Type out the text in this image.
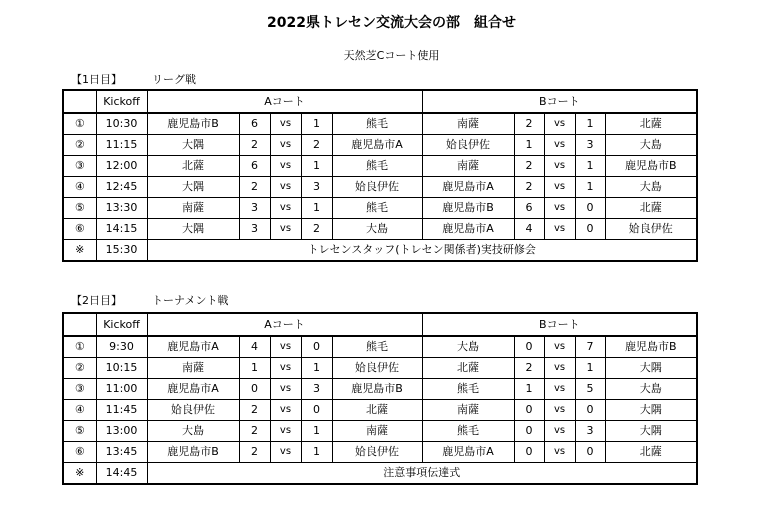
2022県トレセン交流大会の部　組合せ
天然芝Cコート使用
【1日目】	リーグ戦
	Kickoff	Aコート					Bコート				
①	10:30	鹿児島市B	6	vs	1	熊毛	南薩	2	vs	1	北薩
②	11:15	大隅	2	vs	2	鹿児島市A	姶良伊佐	1	vs	3	大島
③	12:00	北薩	6	vs	1	熊毛	南薩	2	vs	1	鹿児島市B
④	12:45	大隅	2	vs	3	姶良伊佐	鹿児島市A	2	vs	1	大島
⑤	13:30	南薩	3	vs	1	熊毛	鹿児島市B	6	vs	0	北薩
⑥	14:15	大隅	3	vs	2	大島	鹿児島市A	4	vs	0	姶良伊佐
※	15:30	トレセンスタッフ(トレセン関係者)実技研修会									
【2日目】	トーナメント戦
	Kickoff	Aコート					Bコート				
①	9:30	鹿児島市A	4	vs	0	熊毛	大島	0	vs	7	鹿児島市B
②	10:15	南薩	1	vs	1	姶良伊佐	北薩	2	vs	1	大隅
③	11:00	鹿児島市A	0	vs	3	鹿児島市B	熊毛	1	vs	5	大島
④	11:45	姶良伊佐	2	vs	0	北薩	南薩	0	vs	0	大隅
⑤	13:00	大島	2	vs	1	南薩	熊毛	0	vs	3	大隅
⑥	13:45	鹿児島市B	2	vs	1	姶良伊佐	鹿児島市A	0	vs	0	北薩
※	14:45	注意事項伝達式									
